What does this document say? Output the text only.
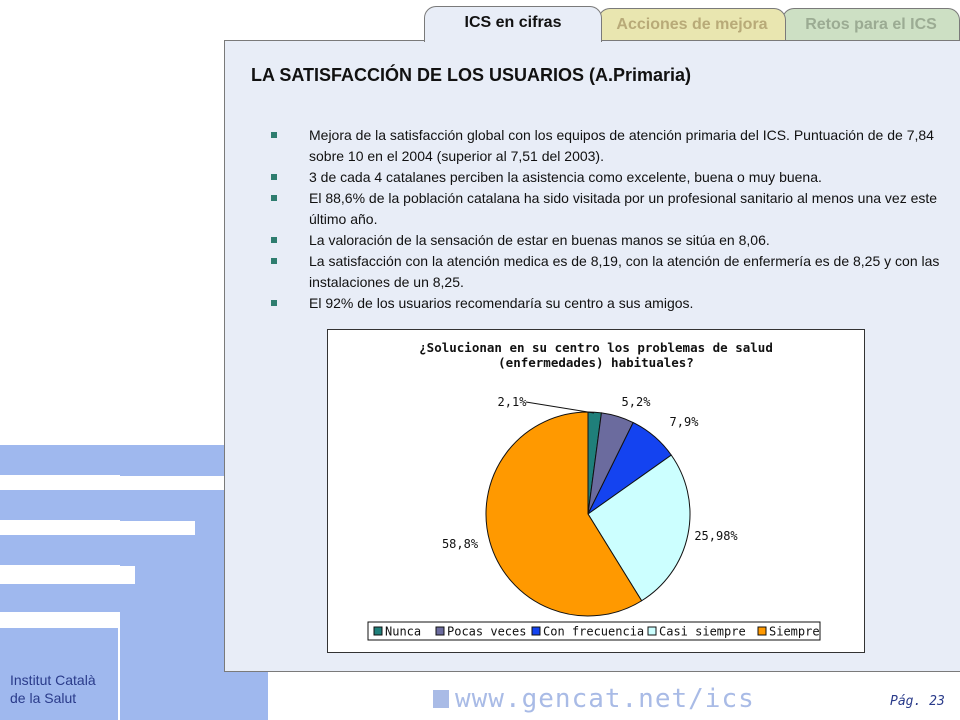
ICS en cifras	Acciones de mejora	Retos para el ICS
LA SATISFACCIÓN DE LOS USUARIOS (A.Primaria)
Mejora de la satisfacción global con los equipos de atención primaria del ICS. Puntuación de de 7,84 sobre 10 en el 2004 (superior al 7,51 del 2003).
3 de cada 4 catalanes perciben la asistencia como excelente, buena o muy buena.
El 88,6% de la población catalana ha sido visitada por un profesional sanitario al menos una vez este último año.
La valoración de la sensación de estar en buenas manos se sitúa en 8,06.
La satisfacción con la atención medica es de 8,19, con la atención de enfermería es de 8,25 y con las instalaciones de un 8,25.
El 92% de los usuarios recomendaría su centro a sus amigos.
¿Solucionan en su centro los problemas de salud
(enfermedades) habituales?
2,1%	5,2%
7,9%
25,98%
58,8%
Nunca Pocas veces Con frecuencia Casi siempre Siempre
Institut Català
de la Salut	www.gencat.net/ics	Pág. 23
